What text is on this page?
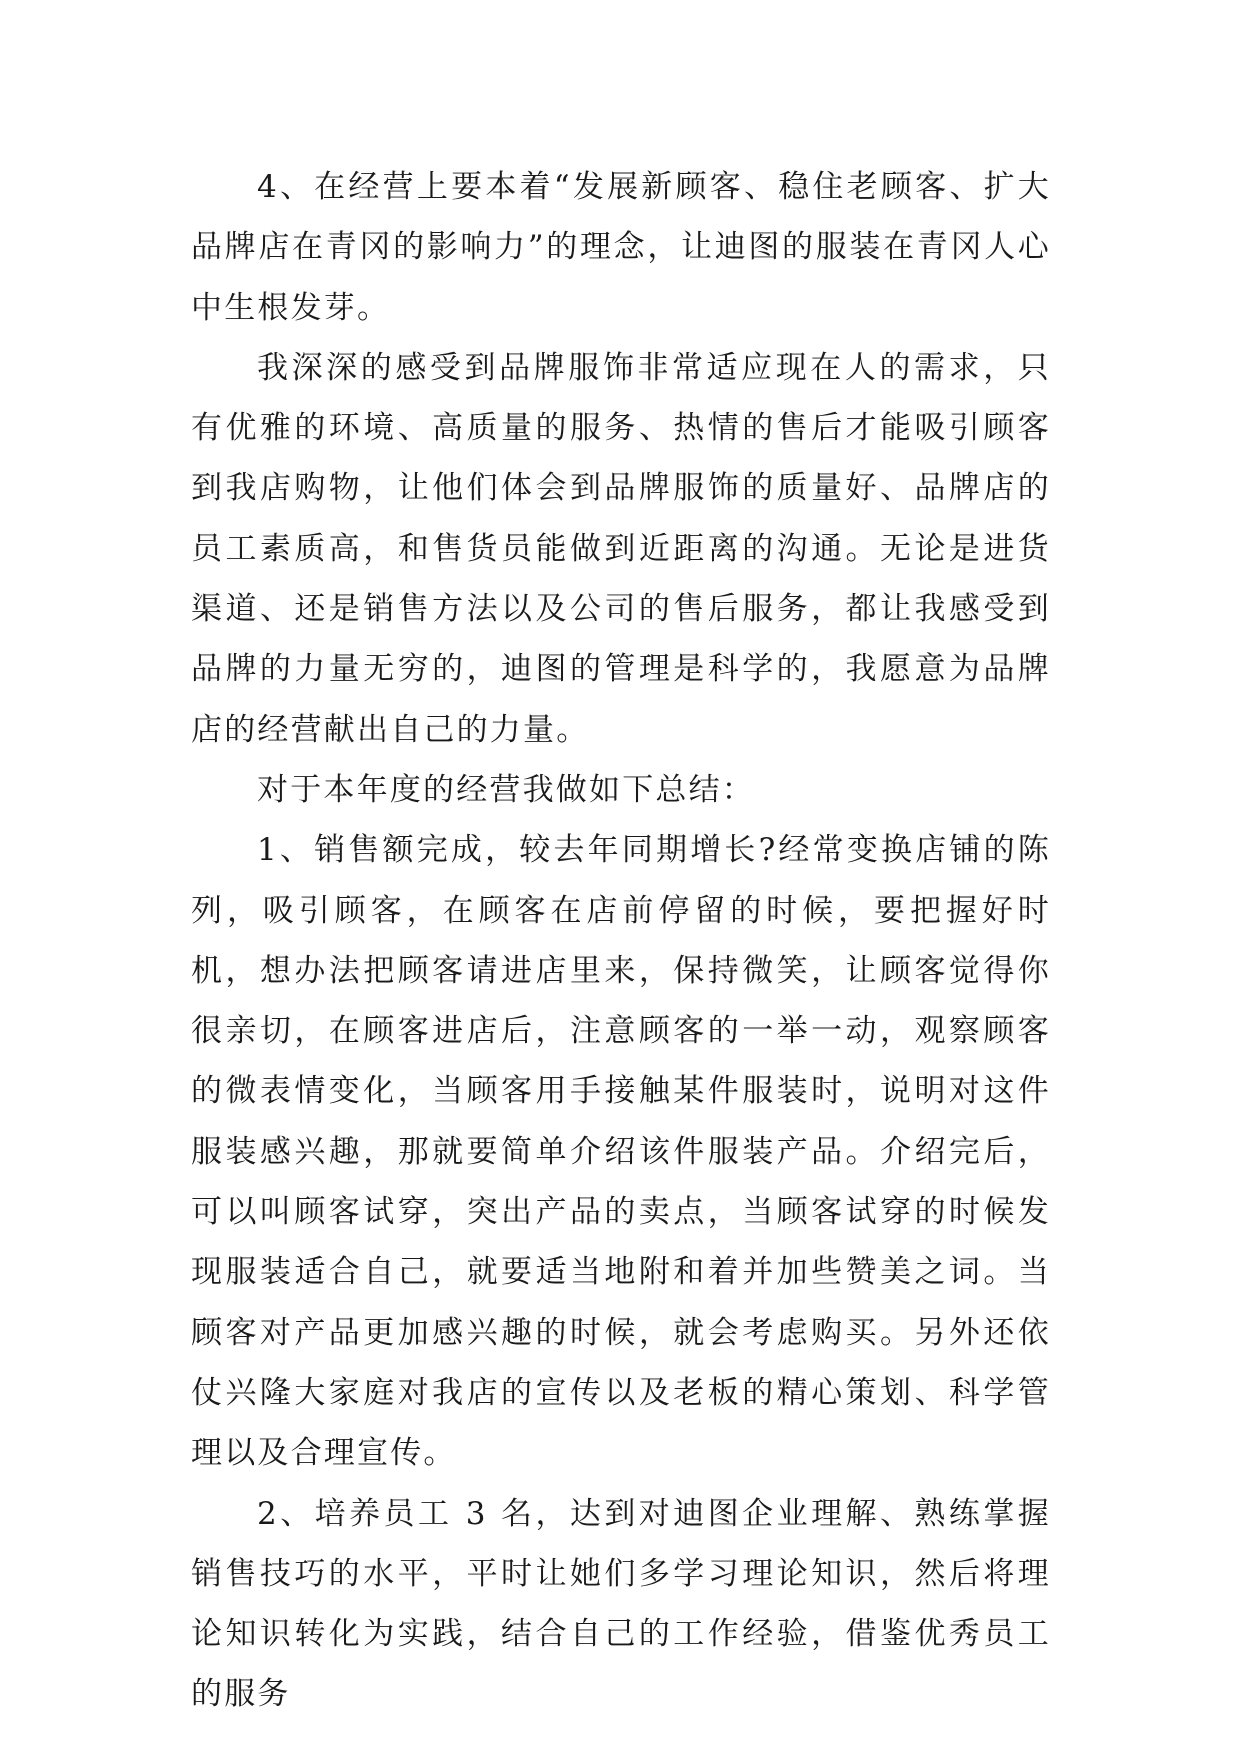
4、在经营上要本着“发展新顾客、稳住老顾客、扩大品牌店在青冈的影响力”的理念，让迪图的服装在青冈人心中生根发芽。

我深深的感受到品牌服饰非常适应现在人的需求，只有优雅的环境、高质量的服务、热情的售后才能吸引顾客到我店购物，让他们体会到品牌服饰的质量好、品牌店的员工素质高，和售货员能做到近距离的沟通。无论是进货渠道、还是销售方法以及公司的售后服务，都让我感受到品牌的力量无穷的，迪图的管理是科学的，我愿意为品牌店的经营献出自己的力量。

对于本年度的经营我做如下总结：

1、销售额完成，较去年同期增长?经常变换店铺的陈列，吸引顾客，在顾客在店前停留的时候，要把握好时机，想办法把顾客请进店里来，保持微笑，让顾客觉得你很亲切，在顾客进店后，注意顾客的一举一动，观察顾客的微表情变化，当顾客用手接触某件服装时，说明对这件服装感兴趣，那就要简单介绍该件服装产品。介绍完后，可以叫顾客试穿，突出产品的卖点，当顾客试穿的时候发现服装适合自己，就要适当地附和着并加些赞美之词。当顾客对产品更加感兴趣的时候，就会考虑购买。另外还依仗兴隆大家庭对我店的宣传以及老板的精心策划、科学管理以及合理宣传。

2、培养员工 3 名，达到对迪图企业理解、熟练掌握销售技巧的水平，平时让她们多学习理论知识，然后将理论知识转化为实践，结合自己的工作经验，借鉴优秀员工的服务
